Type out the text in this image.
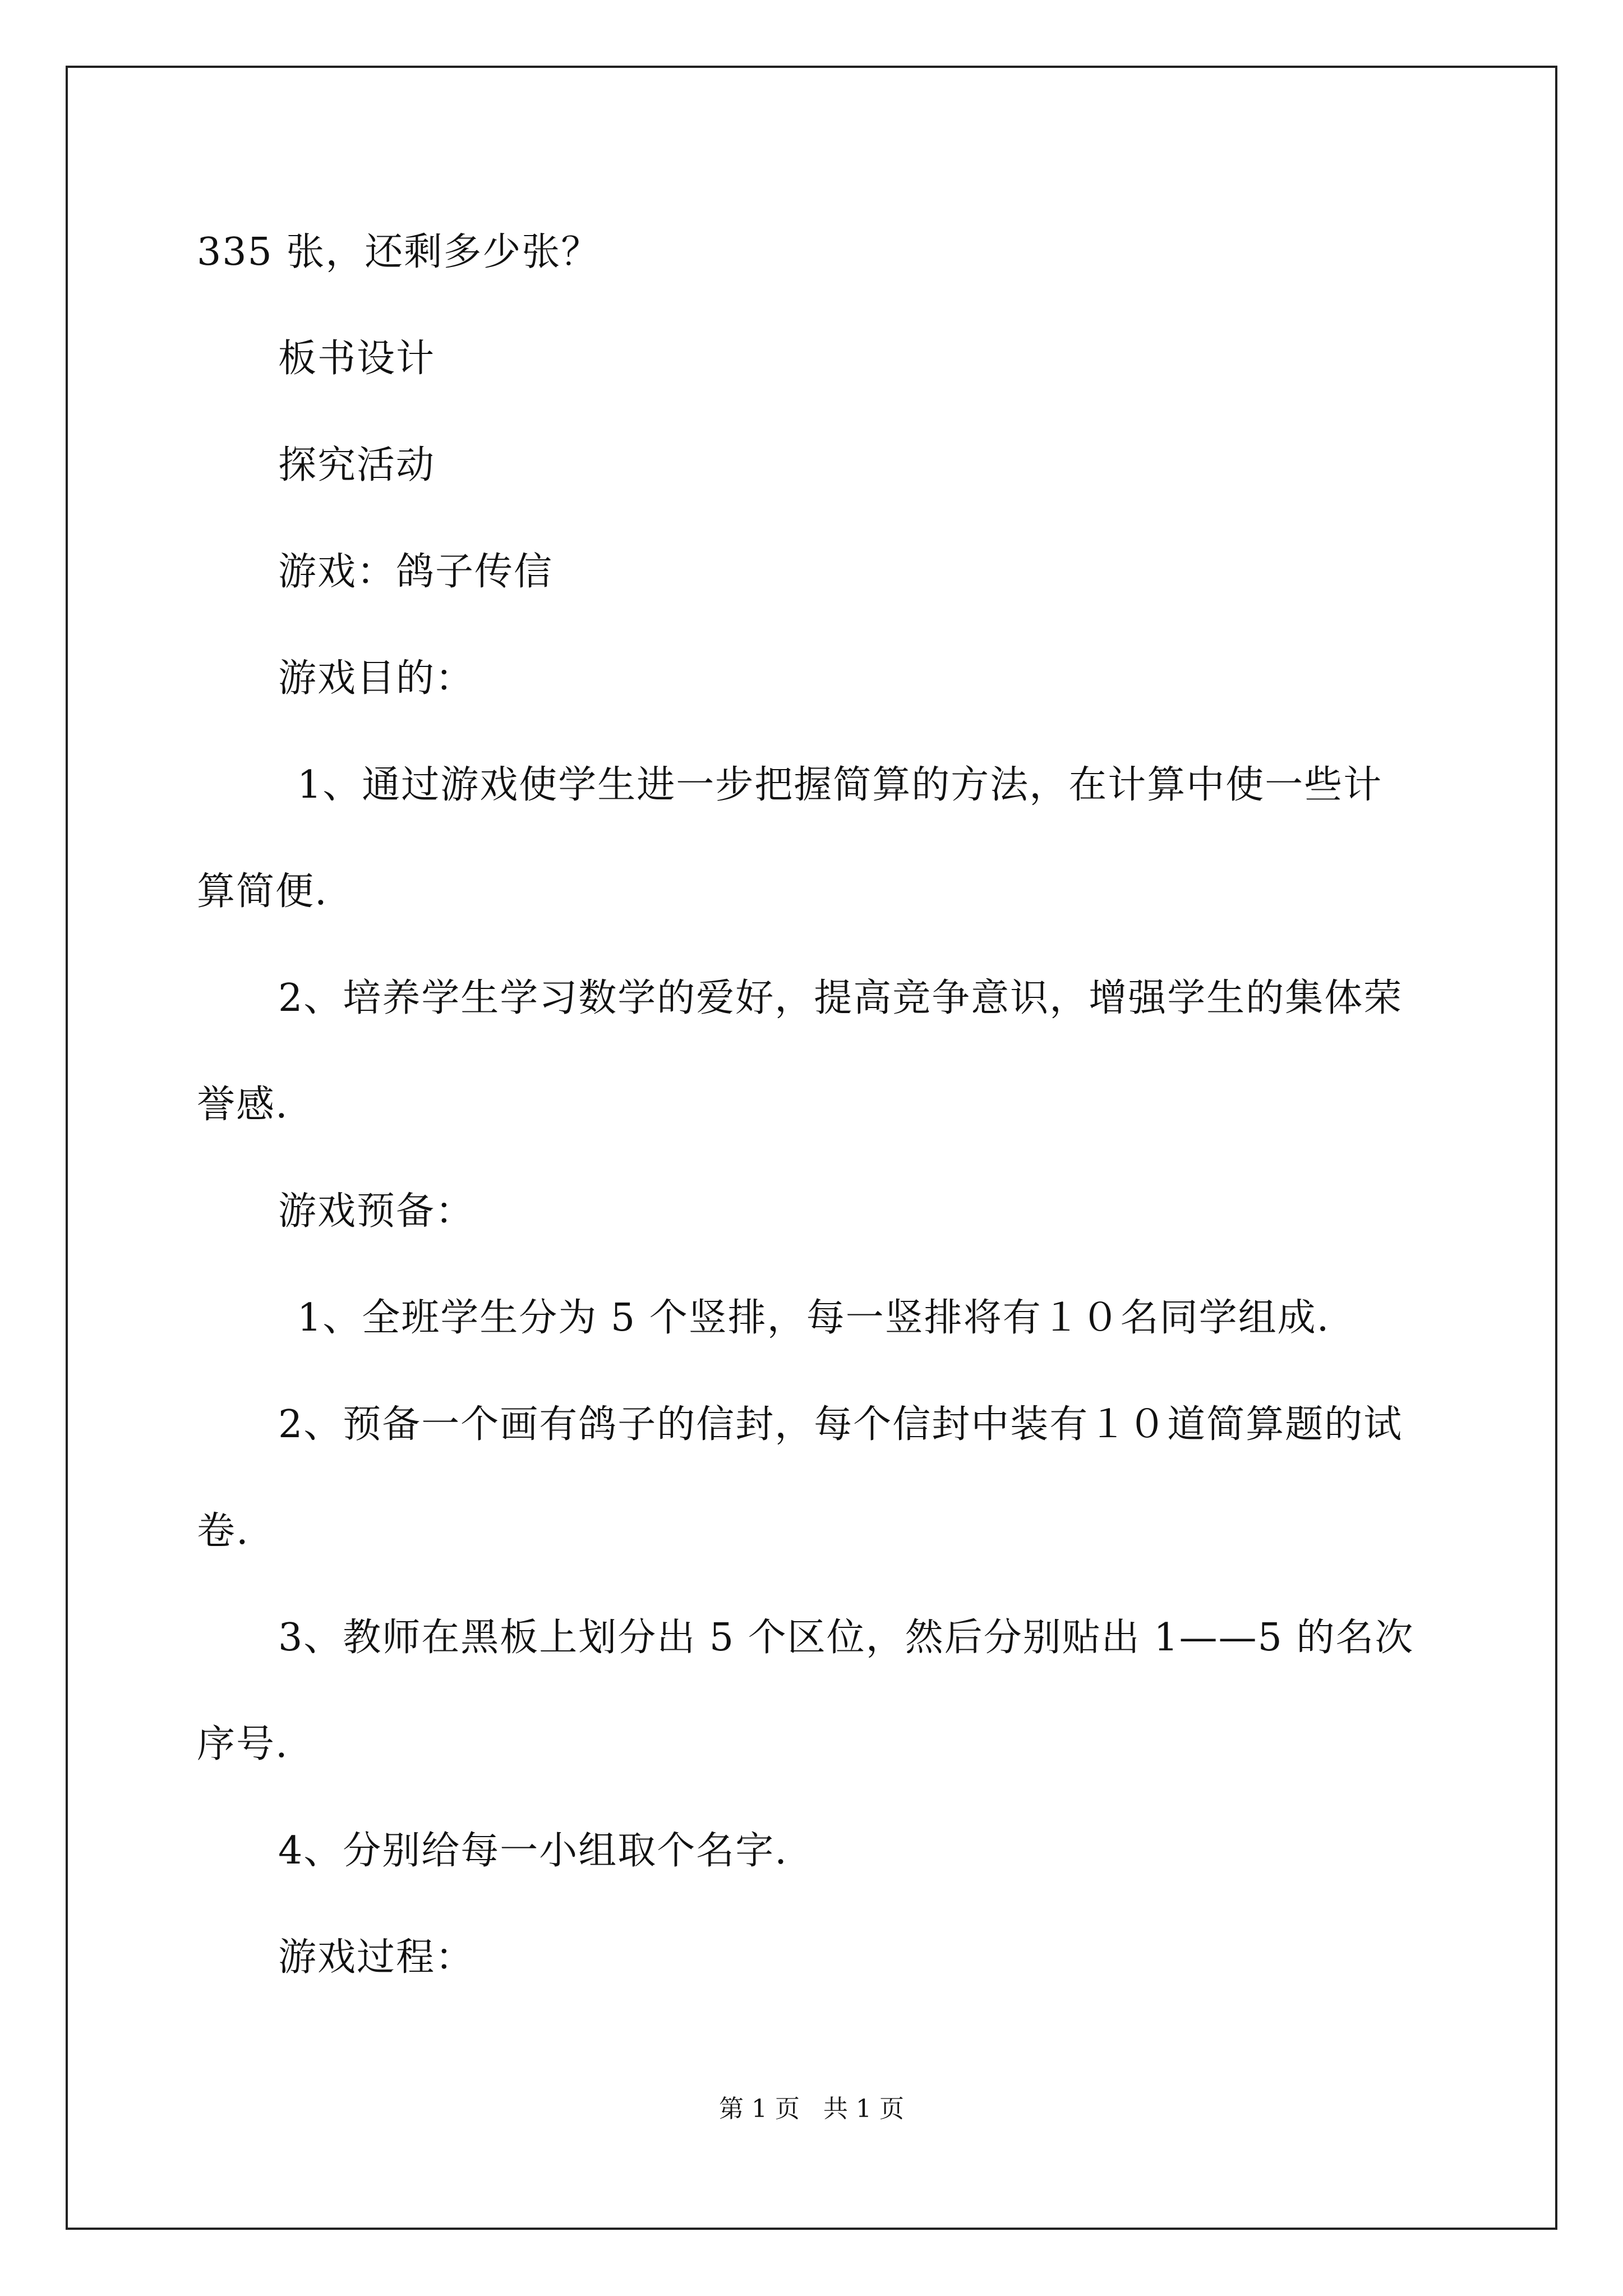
335 张，还剩多少张？

板书设计

探究活动

游戏：鸽子传信

游戏目的：

1、通过游戏使学生进一步把握简算的方法，在计算中使一些计

算简便.

2、培养学生学习数学的爱好，提高竞争意识，增强学生的集体荣

誉感.

游戏预备：

1、全班学生分为 5 个竖排，每一竖排将有１０名同学组成.

2、预备一个画有鸽子的信封，每个信封中装有１０道简算题的试

卷.

3、教师在黑板上划分出 5 个区位，然后分别贴出 1——5 的名次

序号.

4、分别给每一小组取个名字.

游戏过程：

第 1 页   共 1 页
